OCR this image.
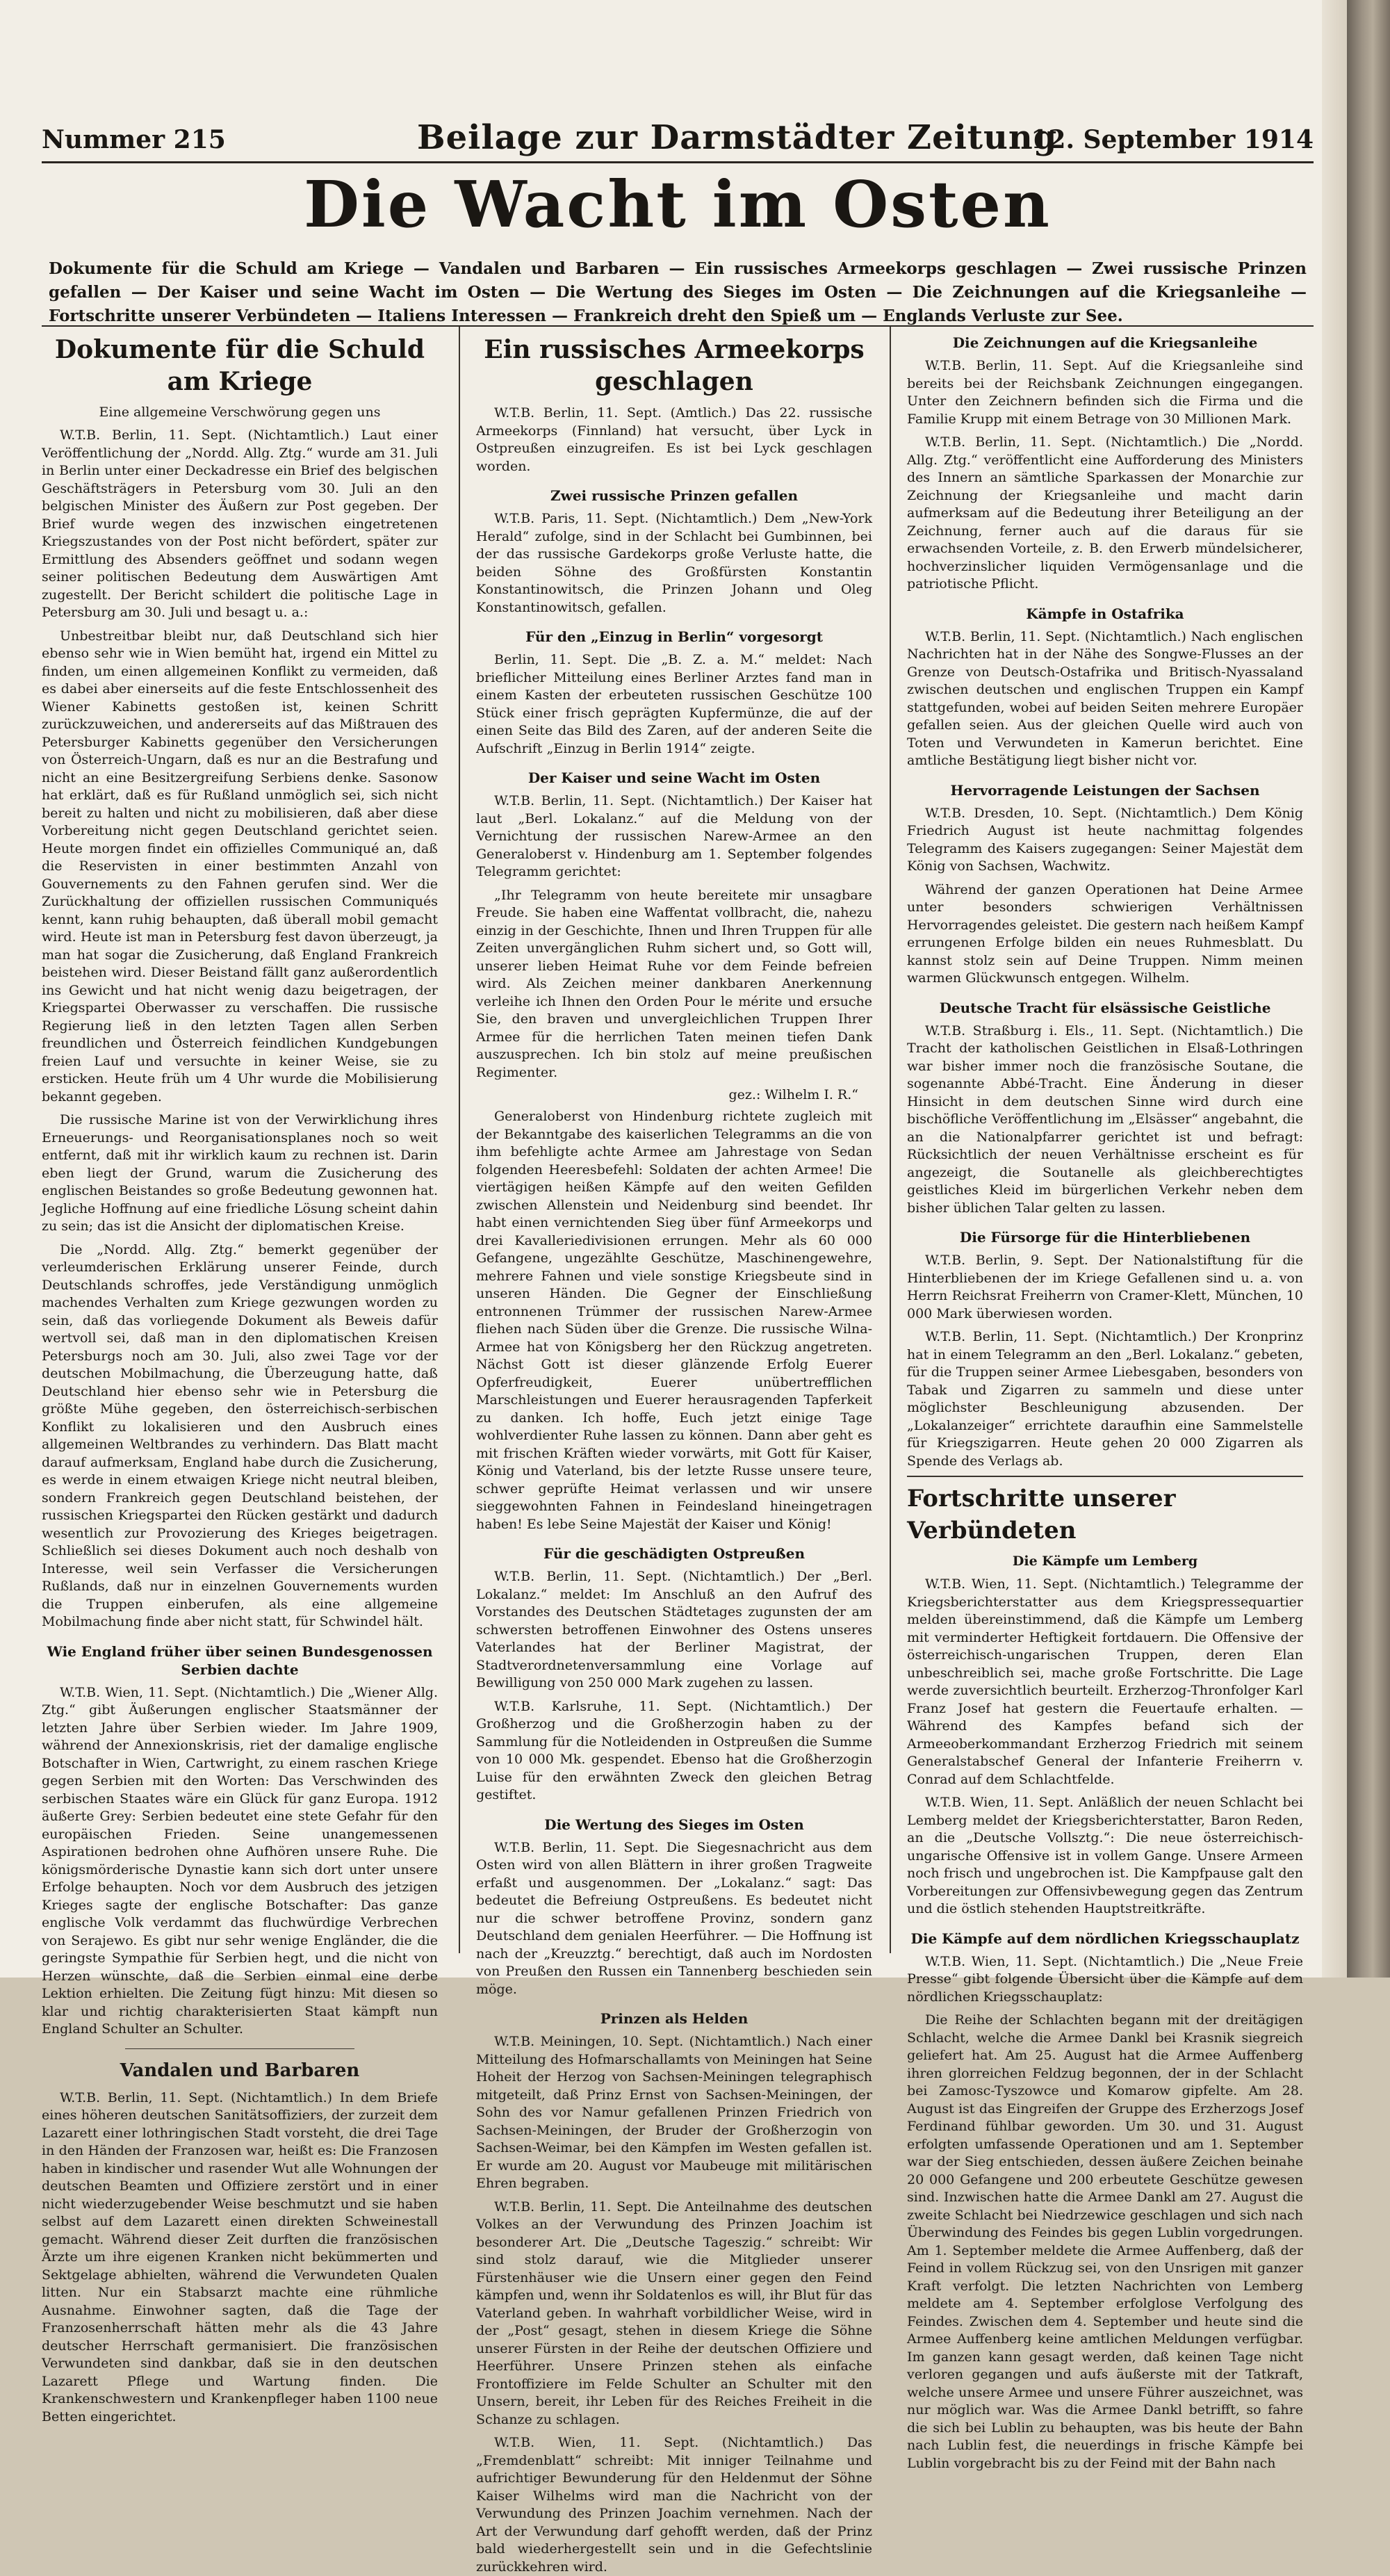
Nummer 215	Beilage zur Darmstädter Zeitung
12. September 1914
Die Wacht im Osten
Dokumente für die Schuld am Kriege — Vandalen und Barbaren — Ein russisches Armeekorps geschlagen — Zwei russische Prinzen gefallen — Der Kaiser und seine Wacht im Osten — Die Wertung des Sieges im Osten — Die Zeichnungen auf die Kriegsanleihe — Fortschritte unserer Verbündeten — Italiens Interessen — Frankreich dreht den Spieß um — Englands Verluste zur See.
Dokumente für die Schuld am Kriege
Eine allgemeine Verschwörung gegen uns

W.T.B. Berlin, 11. Sept. (Nichtamtlich.) Laut einer Veröffentlichung der „Nordd. Allg. Ztg.“ wurde am 31. Juli in Berlin unter einer Deckadresse ein Brief des belgischen Geschäftsträgers in Petersburg vom 30. Juli an den belgischen Minister des Äußern zur Post gegeben. Der Brief wurde wegen des inzwischen eingetretenen Kriegszustandes von der Post nicht befördert, später zur Ermittlung des Absenders geöffnet und sodann wegen seiner politischen Bedeutung dem Auswärtigen Amt zugestellt. Der Bericht schildert die politische Lage in Petersburg am 30. Juli und besagt u. a.:

Unbestreitbar bleibt nur, daß Deutschland sich hier ebenso sehr wie in Wien bemüht hat, irgend ein Mittel zu finden, um einen allgemeinen Konflikt zu vermeiden, daß es dabei aber einerseits auf die feste Entschlossenheit des Wiener Kabinetts gestoßen ist, keinen Schritt zurückzuweichen, und andererseits auf das Mißtrauen des Petersburger Kabinetts gegenüber den Versicherungen von Österreich-Ungarn, daß es nur an die Bestrafung und nicht an eine Besitzergreifung Serbiens denke. Sasonow hat erklärt, daß es für Rußland unmöglich sei, sich nicht bereit zu halten und nicht zu mobilisieren, daß aber diese Vorbereitung nicht gegen Deutschland gerichtet seien. Heute morgen findet ein offizielles Communiqué an, daß die Reservisten in einer bestimmten Anzahl von Gouvernements zu den Fahnen gerufen sind. Wer die Zurückhaltung der offiziellen russischen Communiqués kennt, kann ruhig behaupten, daß überall mobil gemacht wird. Heute ist man in Petersburg fest davon überzeugt, ja man hat sogar die Zusicherung, daß England Frankreich beistehen wird. Dieser Beistand fällt ganz außerordentlich ins Gewicht und hat nicht wenig dazu beigetragen, der Kriegspartei Oberwasser zu verschaffen. Die russische Regierung ließ in den letzten Tagen allen Serben freundlichen und Österreich feindlichen Kundgebungen freien Lauf und versuchte in keiner Weise, sie zu ersticken. Heute früh um 4 Uhr wurde die Mobilisierung bekannt gegeben.

Die russische Marine ist von der Verwirklichung ihres Erneuerungs- und Reorganisationsplanes noch so weit entfernt, daß mit ihr wirklich kaum zu rechnen ist. Darin eben liegt der Grund, warum die Zusicherung des englischen Beistandes so große Bedeutung gewonnen hat. Jegliche Hoffnung auf eine friedliche Lösung scheint dahin zu sein; das ist die Ansicht der diplomatischen Kreise.

Die „Nordd. Allg. Ztg.“ bemerkt gegenüber der verleumderischen Erklärung unserer Feinde, durch Deutschlands schroffes, jede Verständigung unmöglich machendes Verhalten zum Kriege gezwungen worden zu sein, daß das vorliegende Dokument als Beweis dafür wertvoll sei, daß man in den diplomatischen Kreisen Petersburgs noch am 30. Juli, also zwei Tage vor der deutschen Mobilmachung, die Überzeugung hatte, daß Deutschland hier ebenso sehr wie in Petersburg die größte Mühe gegeben, den österreichisch-serbischen Konflikt zu lokalisieren und den Ausbruch eines allgemeinen Weltbrandes zu verhindern. Das Blatt macht darauf aufmerksam, England habe durch die Zusicherung, es werde in einem etwaigen Kriege nicht neutral bleiben, sondern Frankreich gegen Deutschland beistehen, der russischen Kriegspartei den Rücken gestärkt und dadurch wesentlich zur Provozierung des Krieges beigetragen. Schließlich sei dieses Dokument auch noch deshalb von Interesse, weil sein Verfasser die Versicherungen Rußlands, daß nur in einzelnen Gouvernements wurden die Truppen einberufen, als eine allgemeine Mobilmachung finde aber nicht statt, für Schwindel hält.

Wie England früher über seinen Bundesgenossen Serbien dachte

W.T.B. Wien, 11. Sept. (Nichtamtlich.) Die „Wiener Allg. Ztg.“ gibt Äußerungen englischer Staatsmänner der letzten Jahre über Serbien wieder. Im Jahre 1909, während der Annexionskrisis, riet der damalige englische Botschafter in Wien, Cartwright, zu einem raschen Kriege gegen Serbien mit den Worten: Das Verschwinden des serbischen Staates wäre ein Glück für ganz Europa. 1912 äußerte Grey: Serbien bedeutet eine stete Gefahr für den europäischen Frieden. Seine unangemessenen Aspirationen bedrohen ohne Aufhören unsere Ruhe. Die königsmörderische Dynastie kann sich dort unter unsere Erfolge behaupten. Noch vor dem Ausbruch des jetzigen Krieges sagte der englische Botschafter: Das ganze englische Volk verdammt das fluchwürdige Verbrechen von Serajewo. Es gibt nur sehr wenige Engländer, die die geringste Sympathie für Serbien hegt, und die nicht von Herzen wünschte, daß die Serbien einmal eine derbe Lektion erhielten. Die Zeitung fügt hinzu: Mit diesen so klar und richtig charakterisierten Staat kämpft nun England Schulter an Schulter.

Vandalen und Barbaren

W.T.B. Berlin, 11. Sept. (Nichtamtlich.) In dem Briefe eines höheren deutschen Sanitätsoffiziers, der zurzeit dem Lazarett einer lothringischen Stadt vorsteht, die drei Tage in den Händen der Franzosen war, heißt es: Die Franzosen haben in kindischer und rasender Wut alle Wohnungen der deutschen Beamten und Offiziere zerstört und in einer nicht wiederzugebender Weise beschmutzt und sie haben selbst auf dem Lazarett einen direkten Schweinestall gemacht. Während dieser Zeit durften die französischen Ärzte um ihre eigenen Kranken nicht bekümmerten und Sektgelage abhielten, während die Verwundeten Qualen litten. Nur ein Stabsarzt machte eine rühmliche Ausnahme. Einwohner sagten, daß die Tage der Franzosenherrschaft hätten mehr als die 43 Jahre deutscher Herrschaft germanisiert. Die französischen Verwundeten sind dankbar, daß sie in den deutschen Lazarett Pflege und Wartung finden. Die Krankenschwestern und Krankenpfleger haben 1100 neue Betten eingerichtet.

Ein russisches Armeekorps geschlagen

W.T.B. Berlin, 11. Sept. (Amtlich.) Das 22. russische Armeekorps (Finnland) hat versucht, über Lyck in Ostpreußen einzugreifen. Es ist bei Lyck geschlagen worden.

Zwei russische Prinzen gefallen

W.T.B. Paris, 11. Sept. (Nichtamtlich.) Dem „New-York Herald“ zufolge, sind in der Schlacht bei Gumbinnen, bei der das russische Gardekorps große Verluste hatte, die beiden Söhne des Großfürsten Konstantin Konstantinowitsch, die Prinzen Johann und Oleg Konstantinowitsch, gefallen.

Für den „Einzug in Berlin“ vorgesorgt

Berlin, 11. Sept. Die „B. Z. a. M.“ meldet: Nach brieflicher Mitteilung eines Berliner Arztes fand man in einem Kasten der erbeuteten russischen Geschütze 100 Stück einer frisch geprägten Kupfermünze, die auf der einen Seite das Bild des Zaren, auf der anderen Seite die Aufschrift „Einzug in Berlin 1914“ zeigte.

Der Kaiser und seine Wacht im Osten

W.T.B. Berlin, 11. Sept. (Nichtamtlich.) Der Kaiser hat laut „Berl. Lokalanz.“ auf die Meldung von der Vernichtung der russischen Narew-Armee an den Generaloberst v. Hindenburg am 1. September folgendes Telegramm gerichtet:

„Ihr Telegramm von heute bereitete mir unsagbare Freude. Sie haben eine Waffentat vollbracht, die, nahezu einzig in der Geschichte, Ihnen und Ihren Truppen für alle Zeiten unvergänglichen Ruhm sichert und, so Gott will, unserer lieben Heimat Ruhe vor dem Feinde befreien wird. Als Zeichen meiner dankbaren Anerkennung verleihe ich Ihnen den Orden Pour le mérite und ersuche Sie, den braven und unvergleichlichen Truppen Ihrer Armee für die herrlichen Taten meinen tiefen Dank auszusprechen. Ich bin stolz auf meine preußischen Regimenter.

gez.: Wilhelm I. R.“

Generaloberst von Hindenburg richtete zugleich mit der Bekanntgabe des kaiserlichen Telegramms an die von ihm befehligte achte Armee am Jahrestage von Sedan folgenden Heeresbefehl: Soldaten der achten Armee! Die viertägigen heißen Kämpfe auf den weiten Gefilden zwischen Allenstein und Neidenburg sind beendet. Ihr habt einen vernichtenden Sieg über fünf Armeekorps und drei Kavalleriedivisionen errungen. Mehr als 60 000 Gefangene, ungezählte Geschütze, Maschinengewehre, mehrere Fahnen und viele sonstige Kriegsbeute sind in unseren Händen. Die Gegner der Einschließung entronnenen Trümmer der russischen Narew-Armee fliehen nach Süden über die Grenze. Die russische Wilna-Armee hat von Königsberg her den Rückzug angetreten. Nächst Gott ist dieser glänzende Erfolg Euerer Opferfreudigkeit, Euerer unübertrefflichen Marschleistungen und Euerer herausragenden Tapferkeit zu danken. Ich hoffe, Euch jetzt einige Tage wohlverdienter Ruhe lassen zu können. Dann aber geht es mit frischen Kräften wieder vorwärts, mit Gott für Kaiser, König und Vaterland, bis der letzte Russe unsere teure, schwer geprüfte Heimat verlassen und wir unsere sieggewohnten Fahnen in Feindesland hineingetragen haben! Es lebe Seine Majestät der Kaiser und König!

Für die geschädigten Ostpreußen

W.T.B. Berlin, 11. Sept. (Nichtamtlich.) Der „Berl. Lokalanz.“ meldet: Im Anschluß an den Aufruf des Vorstandes des Deutschen Städtetages zugunsten der am schwersten betroffenen Einwohner des Ostens unseres Vaterlandes hat der Berliner Magistrat, der Stadtverordnetenversammlung eine Vorlage auf Bewilligung von 250 000 Mark zugehen zu lassen.

W.T.B. Karlsruhe, 11. Sept. (Nichtamtlich.) Der Großherzog und die Großherzogin haben zu der Sammlung für die Notleidenden in Ostpreußen die Summe von 10 000 Mk. gespendet. Ebenso hat die Großherzogin Luise für den erwähnten Zweck den gleichen Betrag gestiftet.

Die Wertung des Sieges im Osten

W.T.B. Berlin, 11. Sept. Die Siegesnachricht aus dem Osten wird von allen Blättern in ihrer großen Tragweite erfaßt und ausgenommen. Der „Lokalanz.“ sagt: Das bedeutet die Befreiung Ostpreußens. Es bedeutet nicht nur die schwer betroffene Provinz, sondern ganz Deutschland dem genialen Heerführer. — Die Hoffnung ist nach der „Kreuzztg.“ berechtigt, daß auch im Nordosten von Preußen den Russen ein Tannenberg beschieden sein möge.

Prinzen als Helden

W.T.B. Meiningen, 10. Sept. (Nichtamtlich.) Nach einer Mitteilung des Hofmarschallamts von Meiningen hat Seine Hoheit der Herzog von Sachsen-Meiningen telegraphisch mitgeteilt, daß Prinz Ernst von Sachsen-Meiningen, der Sohn des vor Namur gefallenen Prinzen Friedrich von Sachsen-Meiningen, der Bruder der Großherzogin von Sachsen-Weimar, bei den Kämpfen im Westen gefallen ist. Er wurde am 20. August vor Maubeuge mit militärischen Ehren begraben.

W.T.B. Berlin, 11. Sept. Die Anteilnahme des deutschen Volkes an der Verwundung des Prinzen Joachim ist besonderer Art. Die „Deutsche Tageszig.“ schreibt: Wir sind stolz darauf, wie die Mitglieder unserer Fürstenhäuser wie die Unsern einer gegen den Feind kämpfen und, wenn ihr Soldatenlos es will, ihr Blut für das Vaterland geben. In wahrhaft vorbildlicher Weise, wird in der „Post“ gesagt, stehen in diesem Kriege die Söhne unserer Fürsten in der Reihe der deutschen Offiziere und Heerführer. Unsere Prinzen stehen als einfache Frontoffiziere im Felde Schulter an Schulter mit den Unsern, bereit, ihr Leben für des Reiches Freiheit in die Schanze zu schlagen.

W.T.B. Wien, 11. Sept. (Nichtamtlich.) Das „Fremdenblatt“ schreibt: Mit inniger Teilnahme und aufrichtiger Bewunderung für den Heldenmut der Söhne Kaiser Wilhelms wird man die Nachricht von der Verwundung des Prinzen Joachim vernehmen. Nach der Art der Verwundung darf gehofft werden, daß der Prinz bald wiederhergestellt sein und in die Gefechtslinie zurückkehren wird.

Die Zeichnungen auf die Kriegsanleihe

W.T.B. Berlin, 11. Sept. Auf die Kriegsanleihe sind bereits bei der Reichsbank Zeichnungen eingegangen. Unter den Zeichnern befinden sich die Firma und die Familie Krupp mit einem Betrage von 30 Millionen Mark.

W.T.B. Berlin, 11. Sept. (Nichtamtlich.) Die „Nordd. Allg. Ztg.“ veröffentlicht eine Aufforderung des Ministers des Innern an sämtliche Sparkassen der Monarchie zur Zeichnung der Kriegsanleihe und macht darin aufmerksam auf die Bedeutung ihrer Beteiligung an der Zeichnung, ferner auch auf die daraus für sie erwachsenden Vorteile, z. B. den Erwerb mündelsicherer, hochverzinslicher liquiden Vermögensanlage und die patriotische Pflicht.

Kämpfe in Ostafrika

W.T.B. Berlin, 11. Sept. (Nichtamtlich.) Nach englischen Nachrichten hat in der Nähe des Songwe-Flusses an der Grenze von Deutsch-Ostafrika und Britisch-Nyassaland zwischen deutschen und englischen Truppen ein Kampf stattgefunden, wobei auf beiden Seiten mehrere Europäer gefallen seien. Aus der gleichen Quelle wird auch von Toten und Verwundeten in Kamerun berichtet. Eine amtliche Bestätigung liegt bisher nicht vor.

Hervorragende Leistungen der Sachsen

W.T.B. Dresden, 10. Sept. (Nichtamtlich.) Dem König Friedrich August ist heute nachmittag folgendes Telegramm des Kaisers zugegangen: Seiner Majestät dem König von Sachsen, Wachwitz.

Während der ganzen Operationen hat Deine Armee unter besonders schwierigen Verhältnissen Hervorragendes geleistet. Die gestern nach heißem Kampf errungenen Erfolge bilden ein neues Ruhmesblatt. Du kannst stolz sein auf Deine Truppen. Nimm meinen warmen Glückwunsch entgegen. Wilhelm.

Deutsche Tracht für elsässische Geistliche

W.T.B. Straßburg i. Els., 11. Sept. (Nichtamtlich.) Die Tracht der katholischen Geistlichen in Elsaß-Lothringen war bisher immer noch die französische Soutane, die sogenannte Abbé-Tracht. Eine Änderung in dieser Hinsicht in dem deutschen Sinne wird durch eine bischöfliche Veröffentlichung im „Elsässer“ angebahnt, die an die Nationalpfarrer gerichtet ist und befragt: Rücksichtlich der neuen Verhältnisse erscheint es für angezeigt, die Soutanelle als gleichberechtigtes geistliches Kleid im bürgerlichen Verkehr neben dem bisher üblichen Talar gelten zu lassen.

Die Fürsorge für die Hinterbliebenen

W.T.B. Berlin, 9. Sept. Der Nationalstiftung für die Hinterbliebenen der im Kriege Gefallenen sind u. a. von Herrn Reichsrat Freiherrn von Cramer-Klett, München, 10 000 Mark überwiesen worden.

W.T.B. Berlin, 11. Sept. (Nichtamtlich.) Der Kronprinz hat in einem Telegramm an den „Berl. Lokalanz.“ gebeten, für die Truppen seiner Armee Liebesgaben, besonders von Tabak und Zigarren zu sammeln und diese unter möglichster Beschleunigung abzusenden. Der „Lokalanzeiger“ errichtete daraufhin eine Sammelstelle für Kriegszigarren. Heute gehen 20 000 Zigarren als Spende des Verlags ab.

Fortschritte unserer Verbündeten
Die Kämpfe um Lemberg

W.T.B. Wien, 11. Sept. (Nichtamtlich.) Telegramme der Kriegsberichterstatter aus dem Kriegspressequartier melden übereinstimmend, daß die Kämpfe um Lemberg mit verminderter Heftigkeit fortdauern. Die Offensive der österreichisch-ungarischen Truppen, deren Elan unbeschreiblich sei, mache große Fortschritte. Die Lage werde zuversichtlich beurteilt. Erzherzog-Thronfolger Karl Franz Josef hat gestern die Feuertaufe erhalten. — Während des Kampfes befand sich der Armeeoberkommandant Erzherzog Friedrich mit seinem Generalstabschef General der Infanterie Freiherrn v. Conrad auf dem Schlachtfelde.

W.T.B. Wien, 11. Sept. Anläßlich der neuen Schlacht bei Lemberg meldet der Kriegsberichterstatter, Baron Reden, an die „Deutsche Vollsztg.“: Die neue österreichisch-ungarische Offensive ist in vollem Gange. Unsere Armeen noch frisch und ungebrochen ist. Die Kampfpause galt den Vorbereitungen zur Offensivbewegung gegen das Zentrum und die östlich stehenden Hauptstreitkräfte.

Die Kämpfe auf dem nördlichen Kriegsschauplatz

W.T.B. Wien, 11. Sept. (Nichtamtlich.) Die „Neue Freie Presse“ gibt folgende Übersicht über die Kämpfe auf dem nördlichen Kriegsschauplatz:

Die Reihe der Schlachten begann mit der dreitägigen Schlacht, welche die Armee Dankl bei Krasnik siegreich geliefert hat. Am 25. August hat die Armee Auffenberg ihren glorreichen Feldzug begonnen, der in der Schlacht bei Zamosc-Tyszowce und Komarow gipfelte. Am 28. August ist das Eingreifen der Gruppe des Erzherzogs Josef Ferdinand fühlbar geworden. Um 30. und 31. August erfolgten umfassende Operationen und am 1. September war der Sieg entschieden, dessen äußere Zeichen beinahe 20 000 Gefangene und 200 erbeutete Geschütze gewesen sind. Inzwischen hatte die Armee Dankl am 27. August die zweite Schlacht bei Niedrzewice geschlagen und sich nach Überwindung des Feindes bis gegen Lublin vorgedrungen. Am 1. September meldete die Armee Auffenberg, daß der Feind in vollem Rückzug sei, von den Unsrigen mit ganzer Kraft verfolgt. Die letzten Nachrichten von Lemberg meldete am 4. September erfolglose Verfolgung des Feindes. Zwischen dem 4. September und heute sind die Armee Auffenberg keine amtlichen Meldungen verfügbar. Im ganzen kann gesagt werden, daß keinen Tage nicht verloren gegangen und aufs äußerste mit der Tatkraft, welche unsere Armee und unsere Führer auszeichnet, was nur möglich war. Was die Armee Dankl betrifft, so fahre die sich bei Lublin zu behaupten, was bis heute der Bahn nach Lublin fest, die neuerdings in frische Kämpfe bei Lublin vorgebracht bis zu der Feind mit der Bahn nach
